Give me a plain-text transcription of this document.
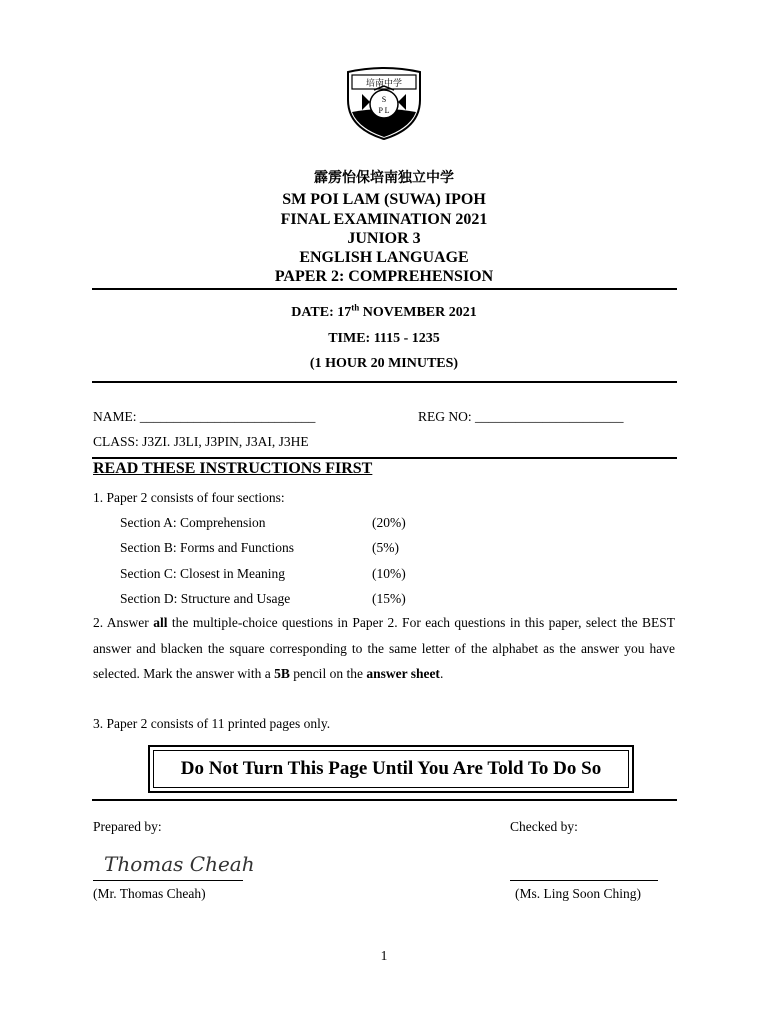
培南中学
S
P L
霹雳怡保培南独立中学
SM POI LAM (SUWA) IPOH
FINAL EXAMINATION 2021
JUNIOR 3
ENGLISH LANGUAGE
PAPER 2: COMPREHENSION
DATE: 17th NOVEMBER 2021
TIME: 1115 - 1235
(1 HOUR 20 MINUTES)
NAME: __________________________	REG NO: ______________________
CLASS: J3ZI. J3LI, J3PIN, J3AI, J3HE
READ THESE INSTRUCTIONS FIRST
1. Paper 2 consists of four sections:
Section A: Comprehension	(20%)
Section B: Forms and Functions	(5%)
Section C: Closest in Meaning	(10%)
Section D: Structure and Usage	(15%)
2. Answer all the multiple-choice questions in Paper 2. For each questions in this paper, select the BEST answer and blacken the square corresponding to the same letter of the alphabet as the answer you have selected. Mark the answer with a 5B pencil on the answer sheet.
3. Paper 2 consists of 11 printed pages only.
Do Not Turn This Page Until You Are Told To Do So
Prepared by:	Checked by:
Thomas Cheah
(Mr. Thomas Cheah)	(Ms. Ling Soon Ching)
1
